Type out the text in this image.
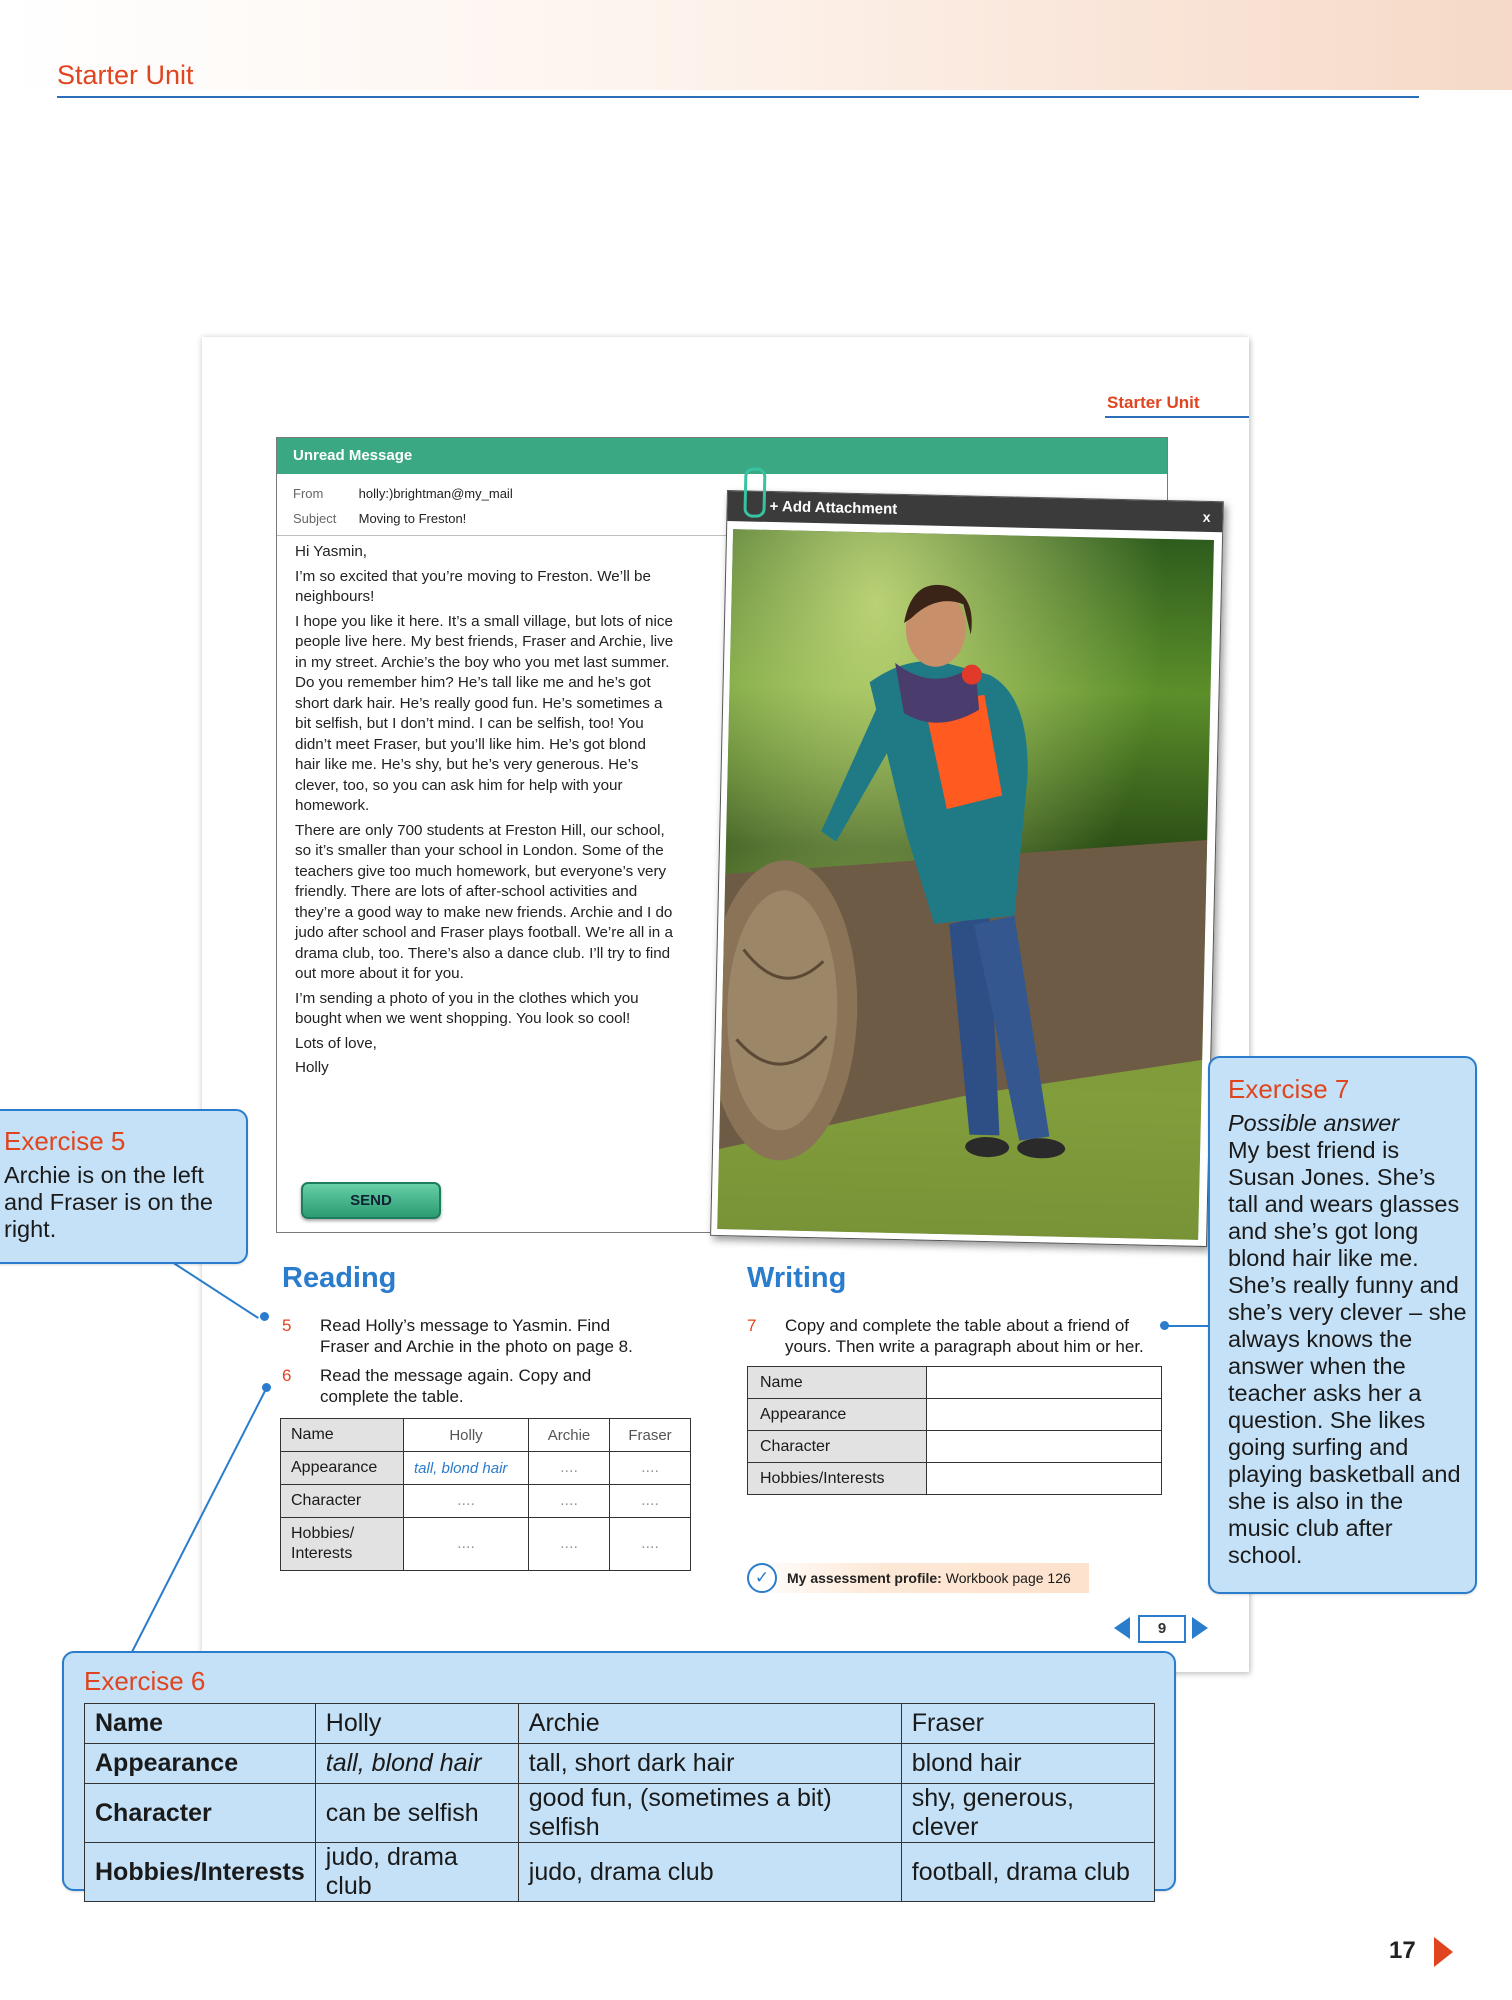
Starter Unit
Starter Unit
Unread Message
From	holly:)brightman@my_mail
Subject Moving to Freston!

Hi Yasmin,

I’m so excited that you’re moving to Freston. We’ll be neighbours!

I hope you like it here. It’s a small village, but lots of nice people live here. My best friends, Fraser and Archie, live in my street. Archie’s the boy who you met last summer. Do you remember him? He’s tall like me and he’s got short dark hair. He’s really good fun. He’s sometimes a bit selfish, but I don’t mind. I can be selfish, too! You didn’t meet Fraser, but you’ll like him. He’s got blond hair like me. He’s shy, but he’s very generous. He’s clever, too, so you can ask him for help with your homework.

There are only 700 students at Freston Hill, our school, so it’s smaller than your school in London. Some of the teachers give too much homework, but everyone’s very friendly. There are lots of after-school activities and they’re a good way to make new friends. Archie and I do judo after school and Fraser plays football. We’re all in a drama club, too. There’s also a dance club. I’ll try to find out more about it for you.

I’m sending a photo of you in the clothes which you bought when we went shopping. You look so cool!

Lots of love,

Holly

SEND
+ Add Attachment	x
Reading
5 Read Holly’s message to Yasmin. Find Fraser and Archie in the photo on page 8.
6 Read the message again. Copy and complete the table.
Name	Holly	Archie	Fraser
Appearance	tall, blond hair	....	....
Character	....	....	....
Hobbies/ Interests	....	....	....
Writing
7 Copy and complete the table about a friend of yours. Then write a paragraph about him or her.
Name	
Appearance	
Character	
Hobbies/Interests	
✓	My assessment profile: Workbook page 126
9
Exercise 5
Archie is on the left and Fraser is on the right.
Exercise 7
Possible answer
My best friend is Susan Jones. She’s tall and wears glasses and she’s got long blond hair like me. She’s really funny and she’s very clever – she always knows the answer when the teacher asks her a question. She likes going surfing and playing basketball and she is also in the music club after school.
Exercise 6
Name	Holly	Archie	Fraser
Appearance	tall, blond hair	tall, short dark hair	blond hair
Character	can be selfish	good fun, (sometimes a bit) selfish	shy, generous, clever
Hobbies/Interests	judo, drama club	judo, drama club	football, drama club
17
